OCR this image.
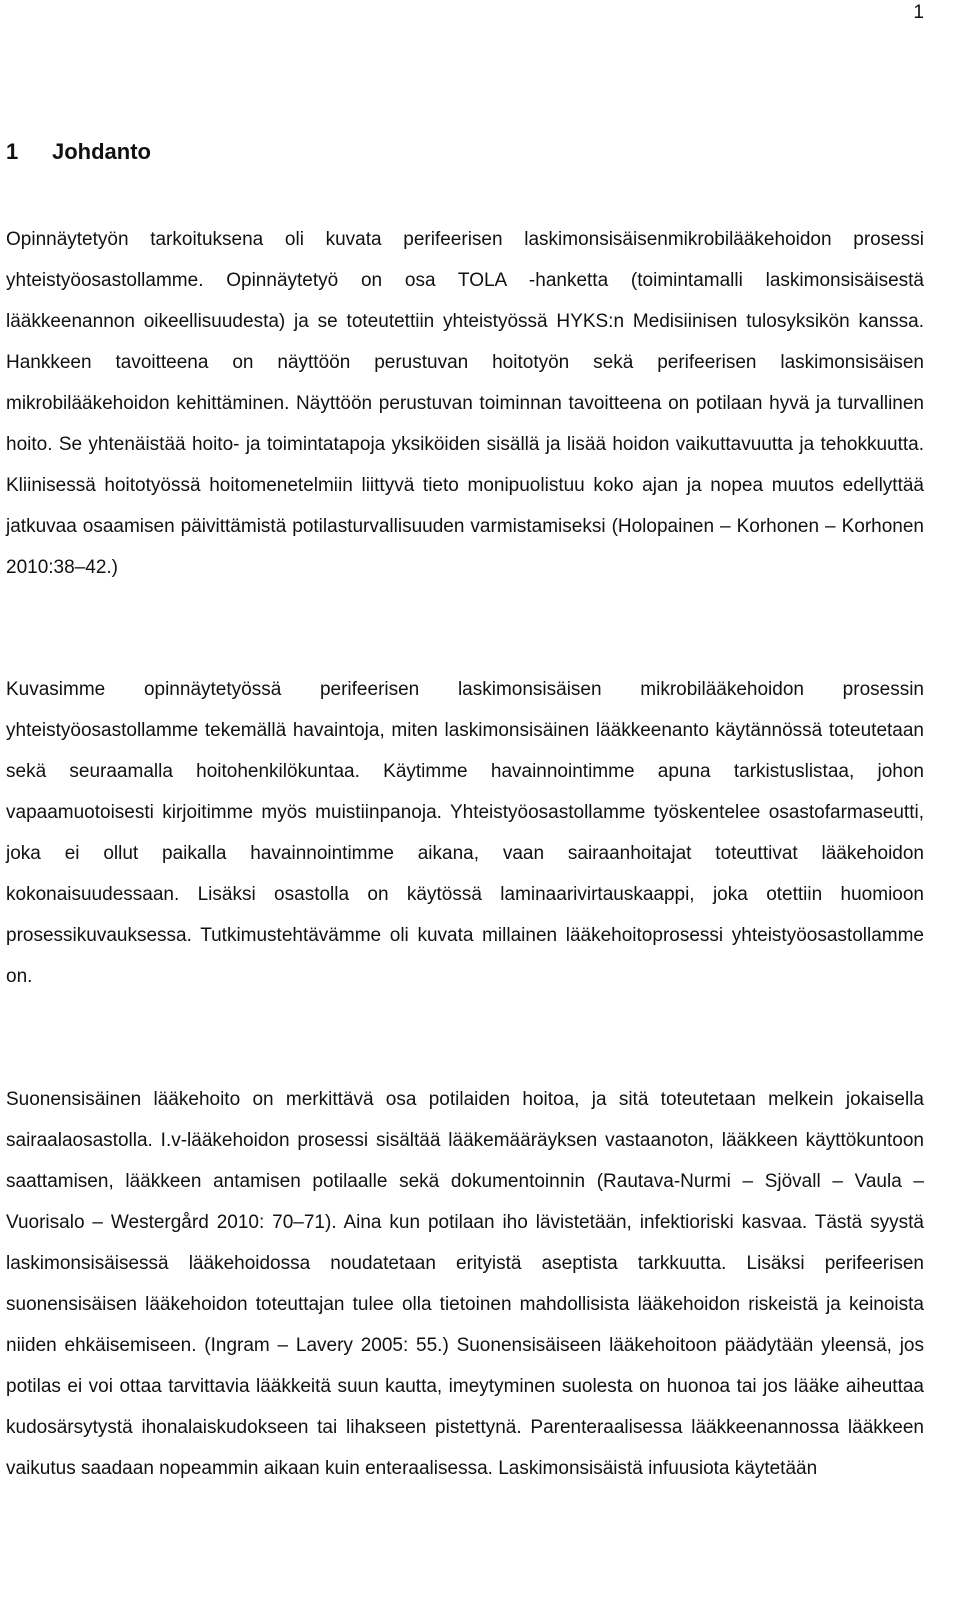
1
1 Johdanto

Opinnäytetyön tarkoituksena oli kuvata perifeerisen laskimonsisäisenmikrobilääkehoidon prosessi yhteistyöosastollamme. Opinnäytetyö on osa TOLA -hanketta (toimintamalli laskimonsisäisestä lääkkeenannon oikeellisuudesta) ja se toteutettiin yhteistyössä HYKS:n Medisiinisen tulosyksikön kanssa. Hankkeen tavoitteena on näyttöön perustuvan hoitotyön sekä perifeerisen laskimonsisäisen mikrobilääkehoidon kehittäminen. Näyttöön perustuvan toiminnan tavoitteena on potilaan hyvä ja turvallinen hoito. Se yhtenäistää hoito- ja toimintatapoja yksiköiden sisällä ja lisää hoidon vaikuttavuutta ja tehokkuutta. Kliinisessä hoitotyössä hoitomenetelmiin liittyvä tieto monipuolistuu koko ajan ja nopea muutos edellyttää jatkuvaa osaamisen päivittämistä potilasturvallisuuden varmistamiseksi (Holopainen – Korhonen – Korhonen 2010:38–42.)

Kuvasimme opinnäytetyössä perifeerisen laskimonsisäisen mikrobilääkehoidon prosessin yhteistyöosastollamme tekemällä havaintoja, miten laskimonsisäinen lääkkeenanto käytännössä toteutetaan sekä seuraamalla hoitohenkilökuntaa. Käytimme havainnointimme apuna tarkistuslistaa, johon vapaamuotoisesti kirjoitimme myös muistiinpanoja. Yhteistyöosastollamme työskentelee osastofarmaseutti, joka ei ollut paikalla havainnointimme aikana, vaan sairaanhoitajat toteuttivat lääkehoidon kokonaisuudessaan. Lisäksi osastolla on käytössä laminaarivirtauskaappi, joka otettiin huomioon prosessikuvauksessa. Tutkimustehtävämme oli kuvata millainen lääkehoitoprosessi yhteistyöosastollamme on.

Suonensisäinen lääkehoito on merkittävä osa potilaiden hoitoa, ja sitä toteutetaan melkein jokaisella sairaalaosastolla. I.v-lääkehoidon prosessi sisältää lääkemääräyksen vastaanoton, lääkkeen käyttökuntoon saattamisen, lääkkeen antamisen potilaalle sekä dokumentoinnin (Rautava-Nurmi – Sjövall – Vaula – Vuorisalo – Westergård 2010: 70–71). Aina kun potilaan iho lävistetään, infektioriski kasvaa. Tästä syystä laskimonsisäisessä lääkehoidossa noudatetaan erityistä aseptista tarkkuutta. Lisäksi perifeerisen suonensisäisen lääkehoidon toteuttajan tulee olla tietoinen mahdollisista lääkehoidon riskeistä ja keinoista niiden ehkäisemiseen. (Ingram – Lavery 2005: 55.) Suonensisäiseen lääkehoitoon päädytään yleensä, jos potilas ei voi ottaa tarvittavia lääkkeitä suun kautta, imeytyminen suolesta on huonoa tai jos lääke aiheuttaa kudosärsytystä ihonalaiskudokseen tai lihakseen pistettynä. Parenteraalisessa lääkkeenannossa lääkkeen vaikutus saadaan nopeammin aikaan kuin enteraalisessa. Laskimonsisäistä infuusiota käytetään
